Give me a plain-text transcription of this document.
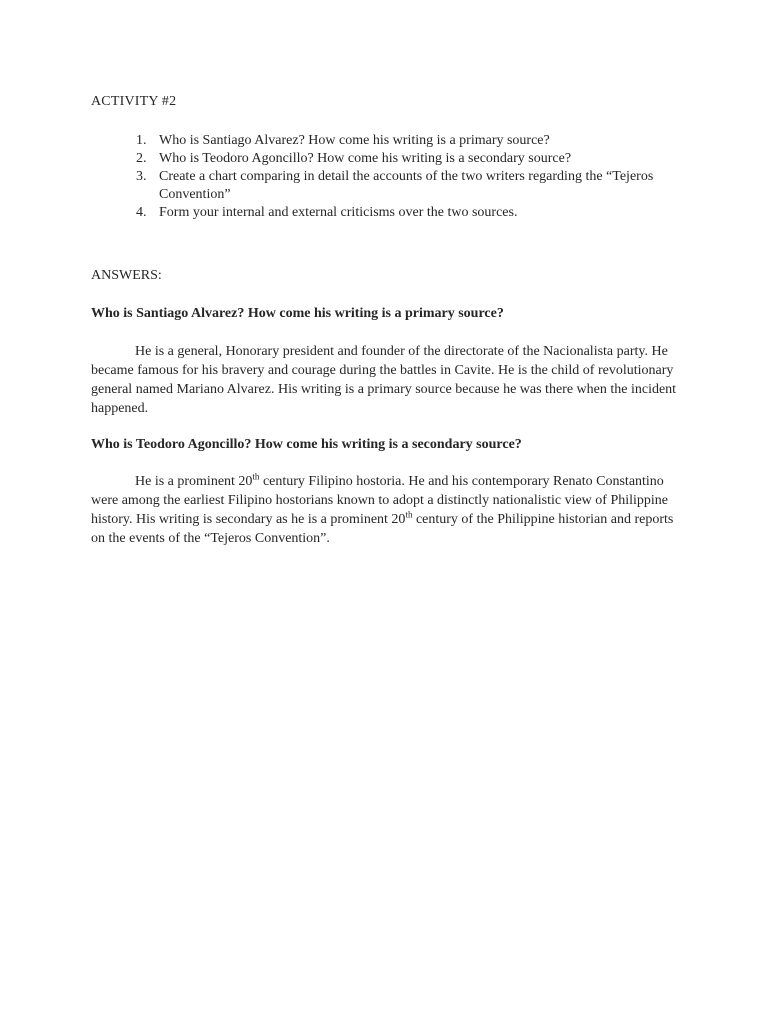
ACTIVITY #2
1. Who is Santiago Alvarez? How come his writing is a primary source?
2. Who is Teodoro Agoncillo? How come his writing is a secondary source?
3. Create a chart comparing in detail the accounts of the two writers regarding the “Tejeros Convention”
4. Form your internal and external criticisms over the two sources.
ANSWERS:
Who is Santiago Alvarez? How come his writing is a primary source?

He is a general, Honorary president and founder of the directorate of the Nacionalista party. He became famous for his bravery and courage during the battles in Cavite. He is the child of revolutionary general named Mariano Alvarez. His writing is a primary source because he was there when the incident happened.

Who is Teodoro Agoncillo? How come his writing is a secondary source?

He is a prominent 20th century Filipino hostoria. He and his contemporary Renato Constantino were among the earliest Filipino hostorians known to adopt a distinctly nationalistic view of Philippine history. His writing is secondary as he is a prominent 20th century of the Philippine historian and reports on the events of the “Tejeros Convention”.
